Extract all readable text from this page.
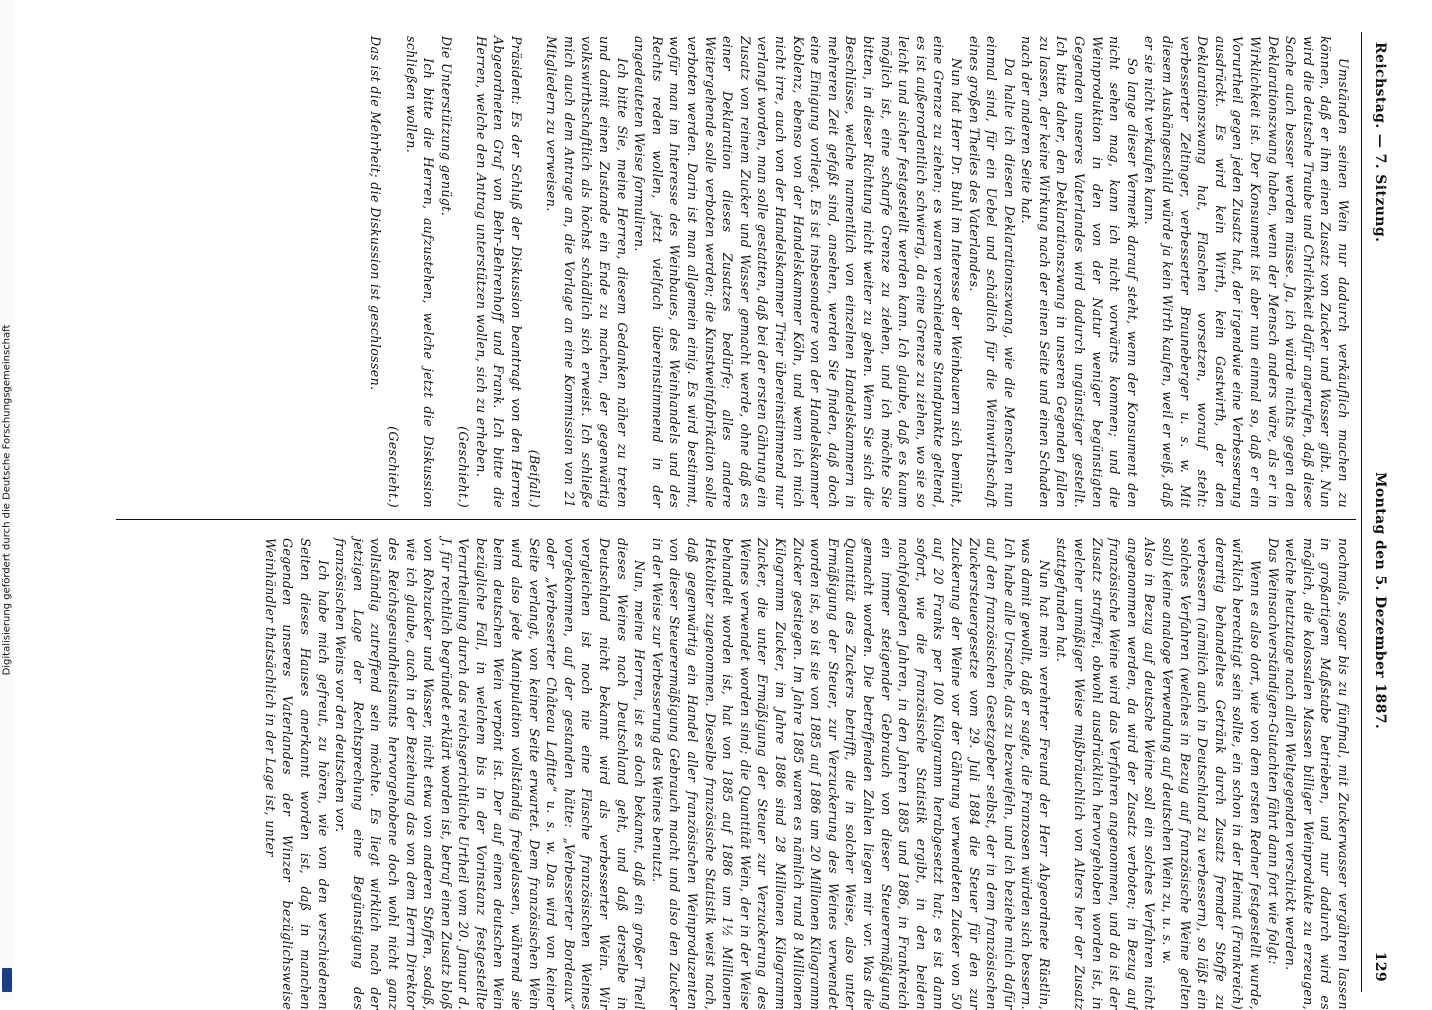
Digitalisierung gefördert durch die Deutsche Forschungsgemeinschaft
Reichstag. — 7. Sitzung.
Montag den 5. Dezember 1887.
129

Umständen seinen Wein nur dadurch verkäuflich machen zu können, daß er ihm einen Zusatz von Zucker und Wasser gibt. Nun wird die deutsche Traube und Chrlichkeit dafür angerufen, daß diese Sache auch besser werden müsse. Ja, ich würde nichts gegen den Deklarationszwang haben, wenn der Mensch anders wäre, als er in Wirklichkeit ist. Der Konsument ist aber nun einmal so, daß er ein Vorurtheil gegen jeden Zusatz hat, der irgendwie eine Verbesserung ausdrückt. Es wird kein Wirth, kein Gastwirth, der den Deklarationszwang hat, Flaschen vorsetzen, worauf steht: verbesserter Zeltinger, verbesserter Brauneberger u. s. w. Mit diesem Aushängeschild würde ja kein Wirth kaufen, weil er weiß, daß er sie nicht verkaufen kann.

So lange dieser Vermerk darauf steht, wenn der Konsument den nicht sehen mag, kann ich nicht vorwärts kommen; und die Weinproduktion in den von der Natur weniger begünstigten Gegenden unseres Vaterlandes wird dadurch ungünstiger gestellt. Ich bitte daher, den Deklarationszwang in unseren Gegenden fallen zu lassen, der keine Wirkung nach der einen Seite und einen Schaden nach der anderen Seite hat.

Da halte ich diesen Deklarationszwang, wie die Menschen nun einmal sind, für ein Uebel und schädlich für die Weinwirthschaft eines großen Theiles des Vaterlandes.

Nun hat Herr Dr. Buhl im Interesse der Weinbauern sich bemüht, eine Grenze zu ziehen; es waren verschiedene Standpunkte geltend, es ist außerordentlich schwierig, da eine Grenze zu ziehen, wo sie so leicht und sicher festgestellt werden kann. Ich glaube, daß es kaum möglich ist, eine scharfe Grenze zu ziehen, und ich möchte Sie bitten, in dieser Richtung nicht weiter zu gehen. Wenn Sie sich die Beschlüsse, welche namentlich von einzelnen Handelskammern in mehreren Zeit gefaßt sind, ansehen, werden Sie finden, daß doch eine Einigung vorliegt. Es ist insbesondere von der Handelskammer Koblenz, ebenso von der Handelskammer Köln, und wenn ich mich nicht irre, auch von der Handelskammer Trier übereinstimmend nur verlangt worden, man solle gestatten, daß bei der ersten Gährung ein Zusatz von reinem Zucker und Wasser gemacht werde, ohne daß es einer Deklaration dieses Zusatzes bedürfe; alles andere Weitergehende solle verboten werden; die Kunstweinfabrikation solle verboten werden. Darin ist man allgemein einig. Es wird bestimmt, wofür man im Interesse des Weinbaues, des Weinhandels und des Rechts reden wollen, jetzt vielfach übereinstimmend in der angedeuteten Weise formuliren.

Ich bitte Sie, meine Herren, diesem Gedanken näher zu treten und damit einen Zustande ein Ende zu machen, der gegenwärtig volkswirthschaftlich als höchst schädlich sich erweist. Ich schließe mich auch dem Antrage an, die Vorlage an eine Kommission von 21 Mitgliedern zu verweisen.

(Beifall.)

Präsident: Es der Schluß der Diskussion beantragt von den Herren Abgeordneten Graf von Behr-Behrenhoff und Frank. Ich bitte die Herren, welche den Antrag unterstützen wollen, sich zu erheben.

(Geschieht.)

Die Unterstützung genügt.

Ich bitte die Herren, aufzustehen, welche jetzt die Diskussion schließen wollen.

(Geschieht.)

Das ist die Mehrheit; die Diskussion ist geschlossen.

nochmals, sogar bis zu fünfmal, mit Zuckerwasser vergähren lassen in großartigem Maßstabe betrieben, und nur dadurch wird es möglich, die kolossalen Massen billiger Weinprodukte zu erzeugen, welche heutzutage nach allen Weltgegenden verschickt werden.

Das Weinsachverständigen-Gutachten fährt dann fort wie folgt:

Wenn es also dort, wie von dem ersten Redner festgestellt wurde, wirklich berechtigt sein sollte, ein schon in der Heimat (Frankreich) derartig behandeltes Getränk durch Zusatz fremder Stoffe zu verbessern (nämlich auch in Deutschland zu verbessern), so läßt ein solches Verfahren (welches in Bezug auf französische Weine gelten soll) keine analoge Verwendung auf deutschen Wein zu, u. s. w.

Also in Bezug auf deutsche Weine soll ein solches Verfahren nicht angenommen werden, da wird der Zusatz verboten; in Bezug auf französische Weine wird das Verfahren angenommen, und da ist der Zusatz straffrei, obwohl ausdrücklich hervorgehoben worden ist, in welcher unmäßiger Weise mißbräuchlich von Alters her der Zusatz stattgefunden hat.

Nun hat mein verehrter Freund der Herr Abgeordnete Rüstlin, was damit gewollt, daß er sagte, die Franzosen würden sich bessern. Ich habe alle Ursache, das zu bezweifeln, und ich beziehe mich dafür auf den französischen Gesetzgeber selbst, der in dem französischen Zuckersteuergesetze vom 29. Juli 1884 die Steuer für den zur Zuckerung der Weine vor der Gährung verwendeten Zucker von 50 auf 20 Franks per 100 Kilogramm herabgesetzt hat; es ist dann sofort, wie die französische Statistik ergibt, in den beiden nachfolgenden Jahren, in den Jahren 1885 und 1886, in Frankreich ein immer steigender Gebrauch von dieser Steuerermäßigung gemacht worden. Die betreffenden Zahlen liegen mir vor. Was die Quantität des Zuckers betrifft, die in solcher Weise, also unter Ermäßigung der Steuer, zur Verzuckerung des Weines verwendet worden ist, so ist sie von 1885 auf 1886 um 20 Millionen Kilogramm Zucker gestiegen. Im Jahre 1885 waren es nämlich rund 8 Millionen Kilogramm Zucker, im Jahre 1886 sind 28 Millionen Kilogramm Zucker, die unter Ermäßigung der Steuer zur Verzuckerung des Weines verwendet worden sind; die Quantität Wein, der in der Weise behandelt worden ist, hat von 1885 auf 1886 um 1½ Millionen Hektoliter zugenommen. Dieselbe französische Statistik weist nach, daß gegenwärtig ein Handel aller französischen Weinproduzenten von dieser Steuerermäßigung Gebrauch macht und also den Zucker in der Weise zur Verbesserung des Weines benutzt.

Nun, meine Herren, ist es doch bekannt, daß ein großer Theil dieses Weines nach Deutschland geht, und daß derselbe in Deutschland nicht bekannt wird als verbesserter Wein. Wir vergleichen ist noch nie eine Flasche französischen Weines vorgekommen, auf der gestanden hätte: „Verbesserter Bordeaux“ oder „Verbesserter Château Lafitte“ u. s. w. Das wird von keiner Seite verlangt, von keiner Seite erwartet. Dem französischen Wein wird also jede Manipulation vollständig freigelassen, während sie beim deutschen Wein verpönt ist. Der auf einen deutschen Wein bezügliche Fall, in welchem bis in der Vorinstanz festgestellte Verurtheilung durch das reichsgerichtliche Urtheil vom 20. Januar d. J. für rechtlich begründet erklärt worden ist, betraf einen Zusatz bloß von Rohzucker und Wasser, nicht etwa von anderen Stoffen, sodaß, wie ich glaube, auch in der Beziehung das von dem Herrn Direktor des Reichsgesundheitsamts hervorgehobene doch wohl nicht ganz vollständig zutreffend sein möchte. Es liegt wirklich nach der jetzigen Lage der Rechtsprechung eine Begünstigung des französischen Weins vor den deutschen vor.

Ich habe mich gefreut, zu hören, wie von den verschiedenen Seiten dieses Hauses anerkannt worden ist, daß in manchen Gegenden unseres Vaterlandes der Winzer bezüglichsweise Weinhändler thatsächlich in der Lage ist, unter
